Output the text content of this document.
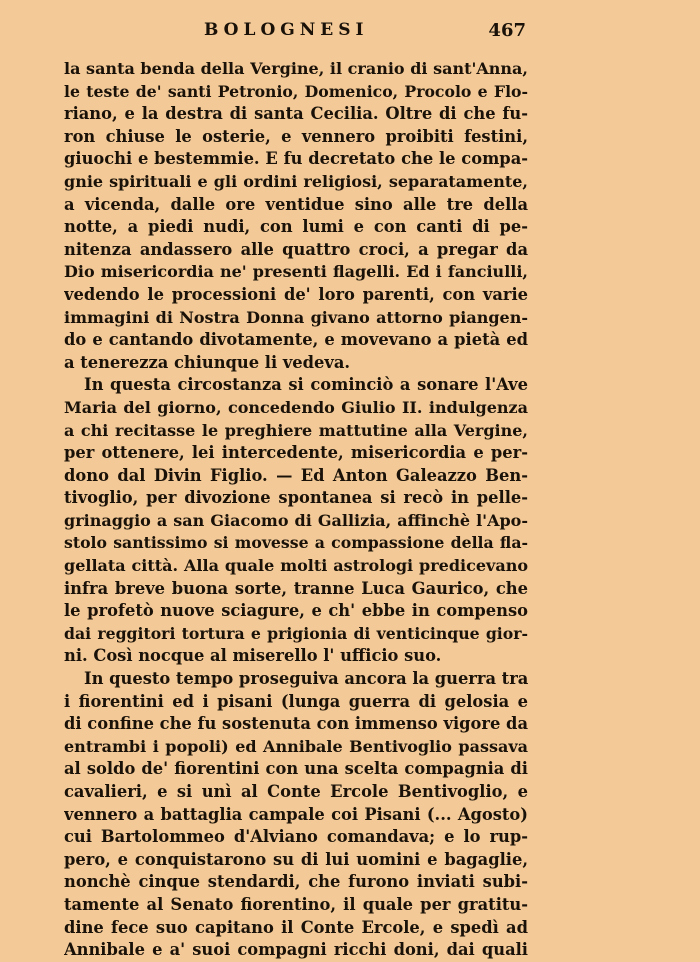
BOLOGNESI	467
la santa benda della Vergine, il cranio di sant'Anna,
le teste de' santi Petronio, Domenico, Procolo e Flo-
riano, e la destra di santa Cecilia. Oltre di che fu-
ron chiuse le osterie, e vennero proibiti festini,
giuochi e bestemmie. E fu decretato che le compa-
gnie spirituali e gli ordini religiosi, separatamente,
a vicenda, dalle ore ventidue sino alle tre della
notte, a piedi nudi, con lumi e con canti di pe-
nitenza andassero alle quattro croci, a pregar da
Dio misericordia ne' presenti flagelli. Ed i fanciulli,
vedendo le processioni de' loro parenti, con varie
immagini di Nostra Donna givano attorno piangen-
do e cantando divotamente, e movevano a pietà ed
a tenerezza chiunque li vedeva.
In questa circostanza si cominciò a sonare l'Ave
Maria del giorno, concedendo Giulio II. indulgenza
a chi recitasse le preghiere mattutine alla Vergine,
per ottenere, lei intercedente, misericordia e per-
dono dal Divin Figlio. — Ed Anton Galeazzo Ben-
tivoglio, per divozione spontanea si recò in pelle-
grinaggio a san Giacomo di Gallizia, affinchè l'Apo-
stolo santissimo si movesse a compassione della fla-
gellata città. Alla quale molti astrologi predicevano
infra breve buona sorte, tranne Luca Gaurico, che
le profetò nuove sciagure, e ch' ebbe in compenso
dai reggitori tortura e prigionia di venticinque gior-
ni. Così nocque al miserello l' ufficio suo.
In questo tempo proseguiva ancora la guerra tra
i fiorentini ed i pisani (lunga guerra di gelosia e
di confine che fu sostenuta con immenso vigore da
entrambi i popoli) ed Annibale Bentivoglio passava
al soldo de' fiorentini con una scelta compagnia di
cavalieri, e si unì al Conte Ercole Bentivoglio, e
vennero a battaglia campale coi Pisani (... Agosto)
cui Bartolommeo d'Alviano comandava; e lo rup-
pero, e conquistarono su di lui uomini e bagaglie,
nonchè cinque stendardi, che furono inviati subi-
tamente al Senato fiorentino, il quale per gratitu-
dine fece suo capitano il Conte Ercole, e spedì ad
Annibale e a' suoi compagni ricchi doni, dai quali
